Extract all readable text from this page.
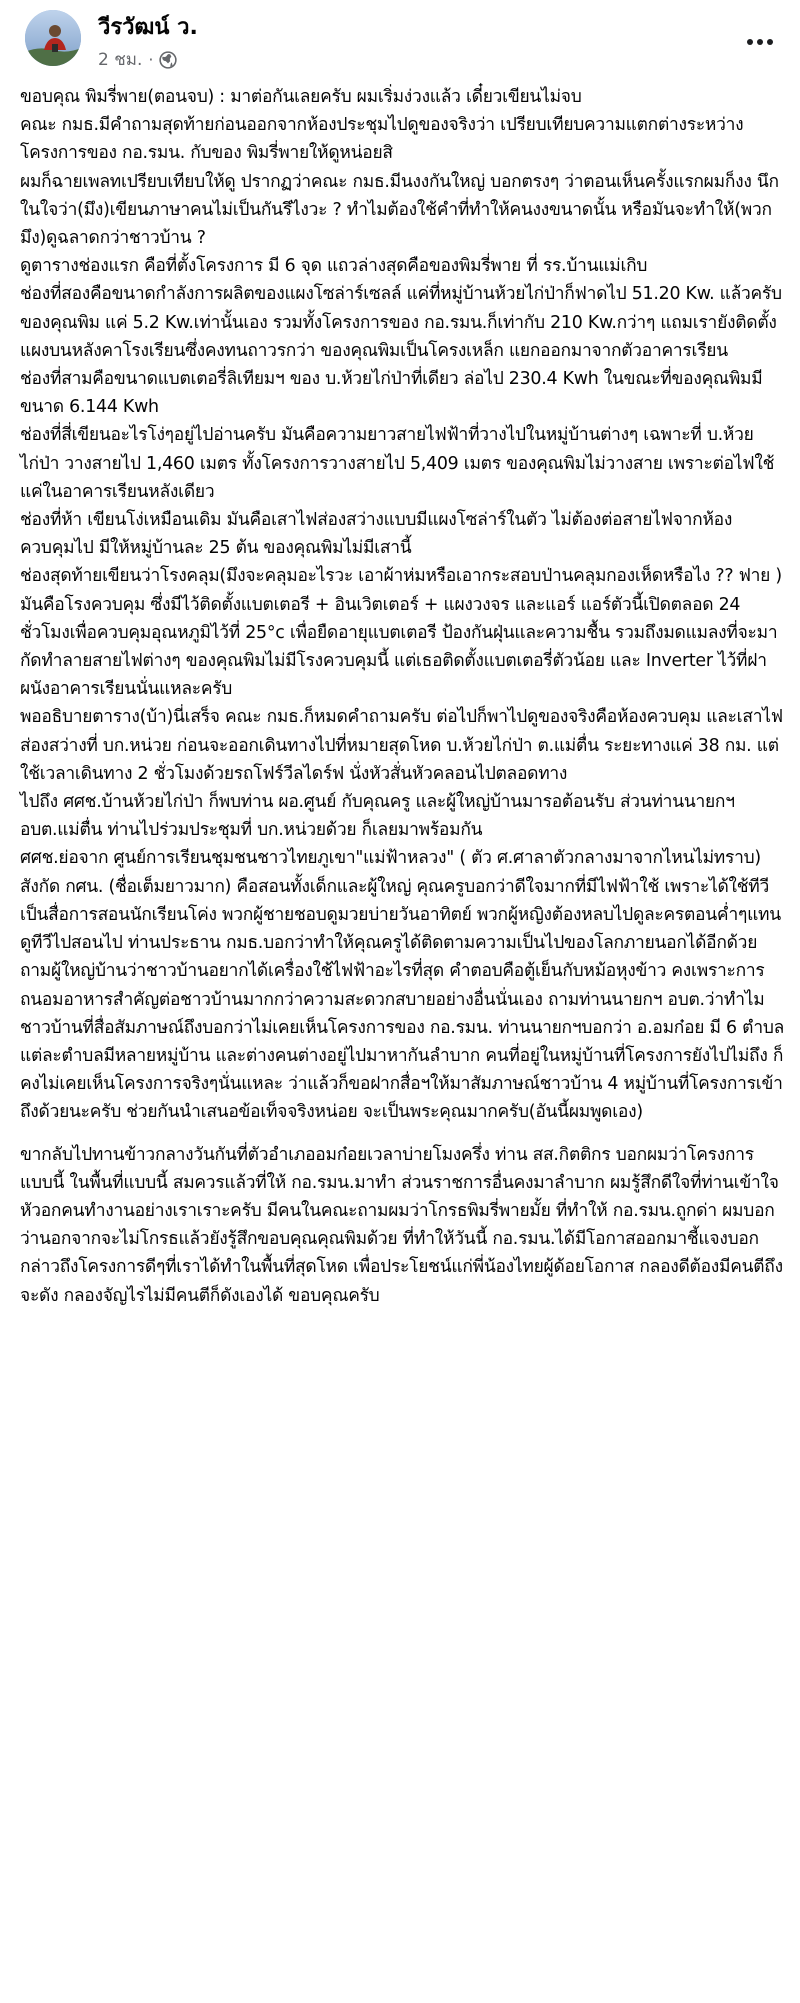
วีรวัฒน์ ว.
2 ชม. ·

ขอบคุณ พิมรี่พาย(ตอนจบ) : มาต่อกันเลยครับ ผมเริ่มง่วงแล้ว เดี๋ยวเขียนไม่จบ

คณะ กมธ.มีคำถามสุดท้ายก่อนออกจากห้องประชุมไปดูของจริงว่า เปรียบเทียบความแตกต่างระหว่างโครงการของ กอ.รมน. กับของ พิมรี่พายให้ดูหน่อยสิ

ผมก็ฉายเพลทเปรียบเทียบให้ดู ปรากฏว่าคณะ กมธ.มีนงงกันใหญ่ บอกตรงๆ ว่าตอนเห็นครั้งแรกผมก็งง นึกในใจว่า(มึง)เขียนภาษาคนไม่เป็นกันรึไงวะ ? ทำไมต้องใช้คำที่ทำให้คนงงขนาดนั้น หรือมันจะทำให้(พวกมึง)ดูฉลาดกว่าชาวบ้าน ?

ดูตารางช่องแรก คือที่ตั้งโครงการ มี 6 จุด แถวล่างสุดคือของพิมรี่พาย ที่ รร.บ้านแม่เกิบ

ช่องที่สองคือขนาดกำลังการผลิตของแผงโซล่าร์เซลล์ แค่ที่หมู่บ้านห้วยไก่ป่าก็ฟาดไป 51.20 Kw. แล้วครับ ของคุณพิม แค่ 5.2 Kw.เท่านั้นเอง รวมทั้งโครงการของ กอ.รมน.ก็เท่ากับ 210 Kw.กว่าๆ แถมเรายังติดตั้งแผงบนหลังคาโรงเรียนซึ่งคงทนถาวรกว่า ของคุณพิมเป็นโครงเหล็ก แยกออกมาจากตัวอาคารเรียน

ช่องที่สามคือขนาดแบตเตอรี่ลิเทียมฯ ของ บ.ห้วยไก่ป่าที่เดียว ล่อไป 230.4 Kwh ในขณะที่ของคุณพิมมีขนาด 6.144 Kwh

ช่องที่สี่เขียนอะไรโง่ๆอยู่ไปอ่านครับ มันคือความยาวสายไฟฟ้าที่วางไปในหมู่บ้านต่างๆ เฉพาะที่ บ.ห้วยไก่ป่า วางสายไป 1,460 เมตร ทั้งโครงการวางสายไป 5,409 เมตร ของคุณพิมไม่วางสาย เพราะต่อไฟใช้แค่ในอาคารเรียนหลังเดียว

ช่องที่ห้า เขียนโง่เหมือนเดิม มันคือเสาไฟส่องสว่างแบบมีแผงโซล่าร์ในตัว ไม่ต้องต่อสายไฟจากห้องควบคุมไป มีให้หมู่บ้านละ 25 ต้น ของคุณพิมไม่มีเสานี้

ช่องสุดท้ายเขียนว่าโรงคลุม(มึงจะคลุมอะไรวะ เอาผ้าห่มหรือเอากระสอบป่านคลุมกองเห็ดหรือไง ?? ฟาย ) มันคือโรงควบคุม ซึ่งมีไว้ติดตั้งแบตเตอรี + อินเวิตเตอร์ + แผงวงจร และแอร์ แอร์ตัวนี้เปิดตลอด 24 ชั่วโมงเพื่อควบคุมอุณหภูมิไว้ที่ 25°c เพื่อยืดอายุแบตเตอรี ป้องกันฝุ่นและความชื้น รวมถึงมดแมลงที่จะมากัดทำลายสายไฟต่างๆ ของคุณพิมไม่มีโรงควบคุมนี้ แต่เธอติดตั้งแบตเตอรี่ตัวน้อย และ Inverter ไว้ที่ฝาผนังอาคารเรียนนั่นแหละครับ

พออธิบายตาราง(บ้า)นี่เสร็จ คณะ กมธ.ก็หมดคำถามครับ ต่อไปก็พาไปดูของจริงคือห้องควบคุม และเสาไฟส่องสว่างที่ บก.หน่วย ก่อนจะออกเดินทางไปที่หมายสุดโหด บ.ห้วยไก่ป่า ต.แม่ตื่น ระยะทางแค่ 38 กม. แต่ใช้เวลาเดินทาง 2 ชั่วโมงด้วยรถโฟร์วีลไดร์ฟ นั่งหัวสั่นหัวคลอนไปตลอดทาง

ไปถึง ศศช.บ้านห้วยไก่ป่า ก็พบท่าน ผอ.ศูนย์ กับคุณครู และผู้ใหญ่บ้านมารอต้อนรับ ส่วนท่านนายกฯอบต.แม่ตื่น ท่านไปร่วมประชุมที่ บก.หน่วยด้วย ก็เลยมาพร้อมกัน

ศศช.ย่อจาก ศูนย์การเรียนชุมชนชาวไทยภูเขา"แม่ฟ้าหลวง" ( ตัว ศ.ศาลาตัวกลางมาจากไหนไม่ทราบ) สังกัด กศน. (ชื่อเต็มยาวมาก) คือสอนทั้งเด็กและผู้ใหญ่ คุณครูบอกว่าดีใจมากที่มีไฟฟ้าใช้ เพราะได้ใช้ทีวีเป็นสื่อการสอนนักเรียนโค่ง พวกผู้ชายชอบดูมวยบ่ายวันอาทิตย์ พวกผู้หญิงต้องหลบไปดูละครตอนค่ำๆแทน ดูทีวีไปสอนไป ท่านประธาน กมธ.บอกว่าทำให้คุณครูได้ติดตามความเป็นไปของโลกภายนอกได้อีกด้วย

ถามผู้ใหญ่บ้านว่าชาวบ้านอยากได้เครื่องใช้ไฟฟ้าอะไรที่สุด คำตอบคือตู้เย็นกับหม้อหุงข้าว คงเพราะการถนอมอาหารสำคัญต่อชาวบ้านมากกว่าความสะดวกสบายอย่างอื่นนั่นเอง ถามท่านนายกฯ อบต.ว่าทำไมชาวบ้านที่สื่อสัมภาษณ์ถึงบอกว่าไม่เคยเห็นโครงการของ กอ.รมน. ท่านนายกฯบอกว่า อ.อมก๋อย มี 6 ตำบล แต่ละตำบลมีหลายหมู่บ้าน และต่างคนต่างอยู่ไปมาหากันลำบาก คนที่อยู่ในหมู่บ้านที่โครงการยังไปไม่ถึง ก็คงไม่เคยเห็นโครงการจริงๆนั่นแหละ ว่าแล้วก็ขอฝากสื่อฯให้มาสัมภาษณ์ชาวบ้าน 4 หมู่บ้านที่โครงการเข้าถึงด้วยนะครับ ช่วยกันนำเสนอข้อเท็จจริงหน่อย จะเป็นพระคุณมากครับ(อันนี้ผมพูดเอง)

ขากลับไปทานข้าวกลางวันกันที่ตัวอำเภออมก๋อยเวลาบ่ายโมงครึ่ง ท่าน สส.กิตติกร บอกผมว่าโครงการแบบนี้ ในพื้นที่แบบนี้ สมควรแล้วที่ให้ กอ.รมน.มาทำ ส่วนราชการอื่นคงมาลำบาก ผมรู้สึกดีใจที่ท่านเข้าใจหัวอกคนทำงานอย่างเราเราะครับ มีคนในคณะถามผมว่าโกรธพิมรี่พายมั้ย ที่ทำให้ กอ.รมน.ถูกด่า ผมบอกว่านอกจากจะไม่โกรธแล้วยังรู้สึกขอบคุณคุณพิมด้วย ที่ทำให้วันนี้ กอ.รมน.ได้มีโอกาสออกมาชี้แจงบอกกล่าวถึงโครงการดีๆที่เราได้ทำในพื้นที่สุดโหด เพื่อประโยชน์แก่พี่น้องไทยผู้ด้อยโอกาส กลองดีต้องมีคนตีถึงจะดัง กลองจัญไรไม่มีคนตีก็ดังเองได้ ขอบคุณครับ
